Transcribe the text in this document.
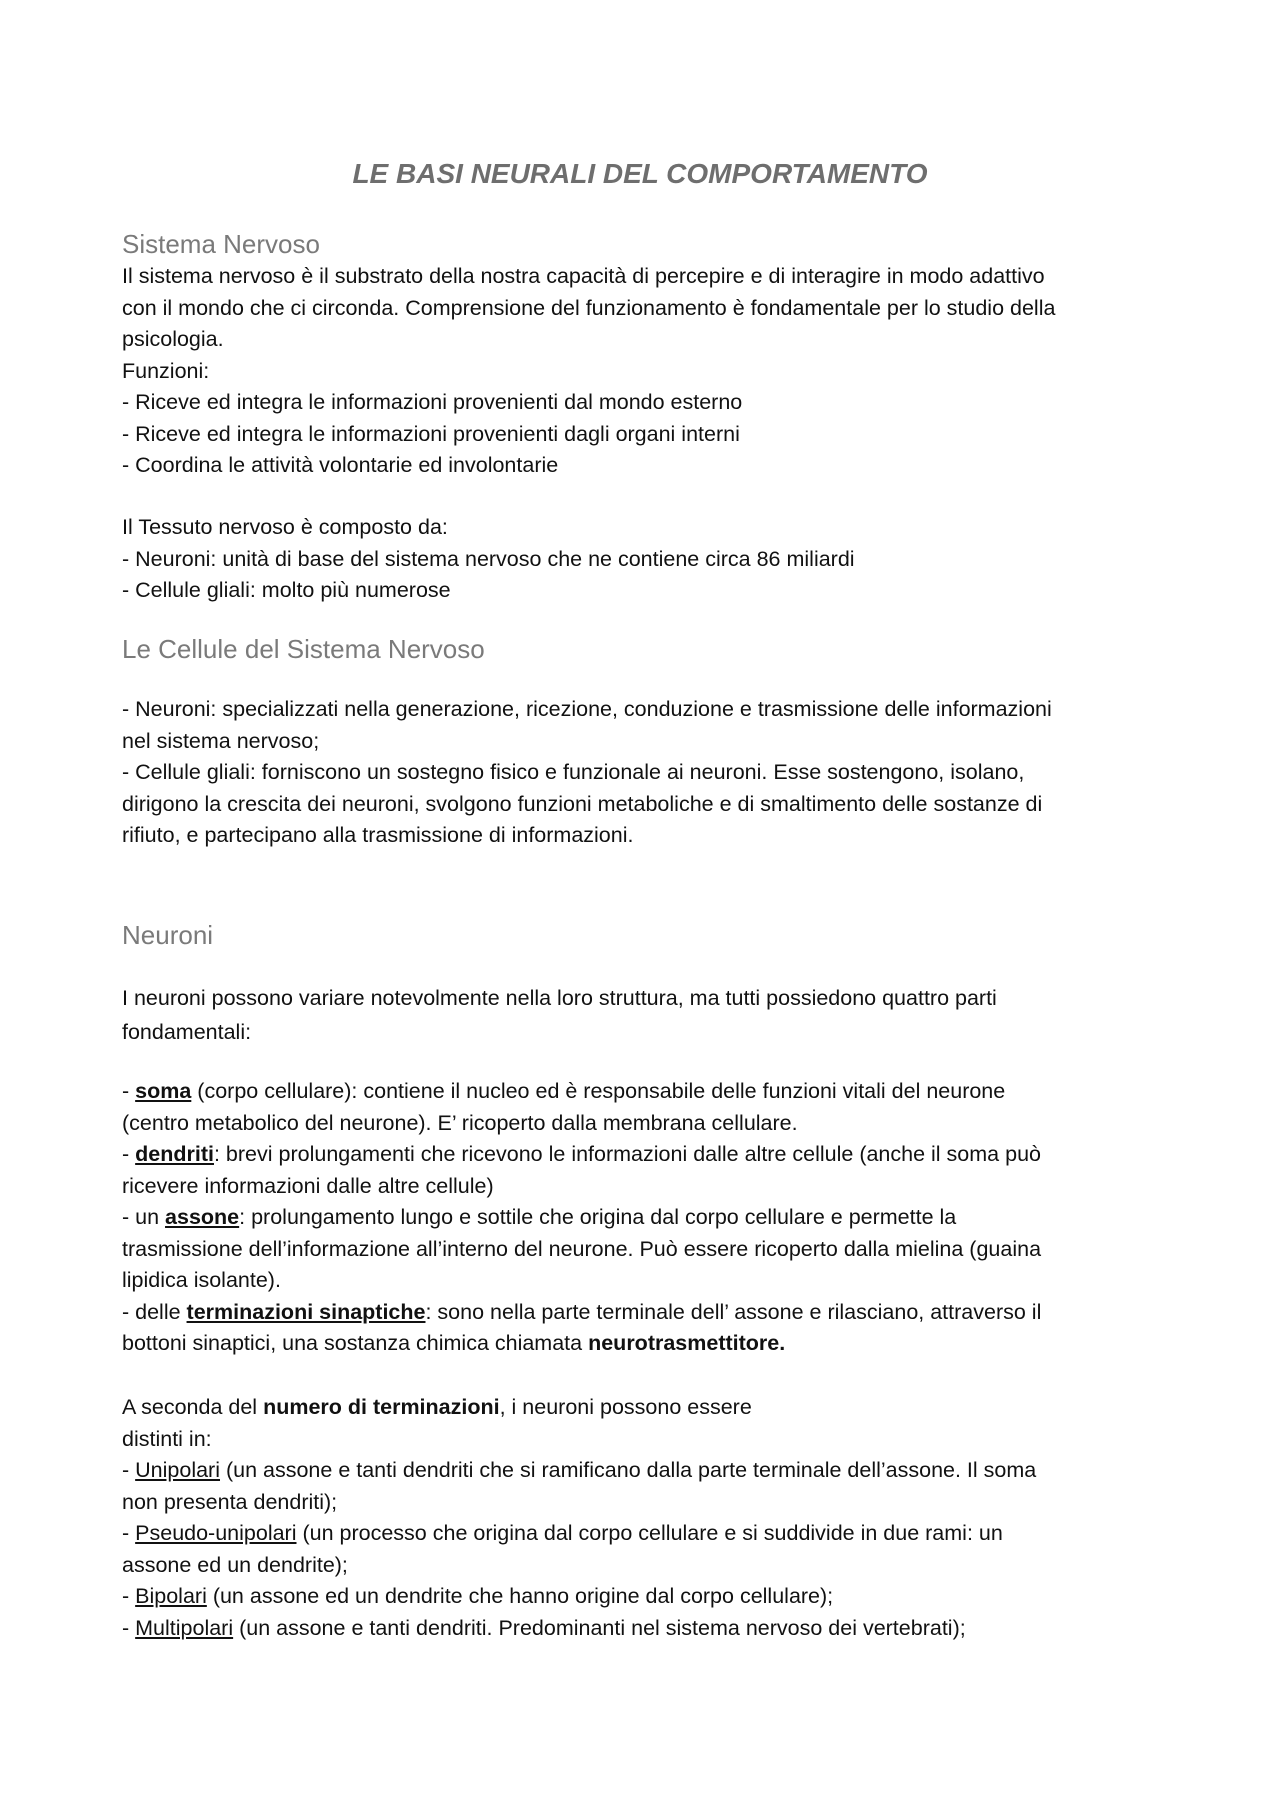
LE BASI NEURALI DEL COMPORTAMENTO
Sistema Nervoso
Il sistema nervoso è il substrato della nostra capacità di percepire e di interagire in modo adattivo
con il mondo che ci circonda. Comprensione del funzionamento è fondamentale per lo studio della
psicologia.
Funzioni:
- Riceve ed integra le informazioni provenienti dal mondo esterno
- Riceve ed integra le informazioni provenienti dagli organi interni
- Coordina le attività volontarie ed involontarie
Il Tessuto nervoso è composto da:
- Neuroni: unità di base del sistema nervoso che ne contiene circa 86 miliardi
- Cellule gliali: molto più numerose
Le Cellule del Sistema Nervoso
- Neuroni: specializzati nella generazione, ricezione, conduzione e trasmissione delle informazioni
nel sistema nervoso;
- Cellule gliali: forniscono un sostegno fisico e funzionale ai neuroni. Esse sostengono, isolano,
dirigono la crescita dei neuroni, svolgono funzioni metaboliche e di smaltimento delle sostanze di
rifiuto, e partecipano alla trasmissione di informazioni.
Neuroni
I neuroni possono variare notevolmente nella loro struttura, ma tutti possiedono quattro parti
fondamentali:
- soma (corpo cellulare): contiene il nucleo ed è responsabile delle funzioni vitali del neurone
(centro metabolico del neurone). E’ ricoperto dalla membrana cellulare.
- dendriti: brevi prolungamenti che ricevono le informazioni dalle altre cellule (anche il soma può
ricevere informazioni dalle altre cellule)
- un assone: prolungamento lungo e sottile che origina dal corpo cellulare e permette la
trasmissione dell’informazione all’interno del neurone. Può essere ricoperto dalla mielina (guaina
lipidica isolante).
- delle terminazioni sinaptiche: sono nella parte terminale dell’ assone e rilasciano, attraverso il
bottoni sinaptici, una sostanza chimica chiamata neurotrasmettitore.
A seconda del numero di terminazioni, i neuroni possono essere
distinti in:
- Unipolari (un assone e tanti dendriti che si ramificano dalla parte terminale dell’assone. Il soma
non presenta dendriti);
- Pseudo-unipolari (un processo che origina dal corpo cellulare e si suddivide in due rami: un
assone ed un dendrite);
- Bipolari (un assone ed un dendrite che hanno origine dal corpo cellulare);
- Multipolari (un assone e tanti dendriti. Predominanti nel sistema nervoso dei vertebrati);
